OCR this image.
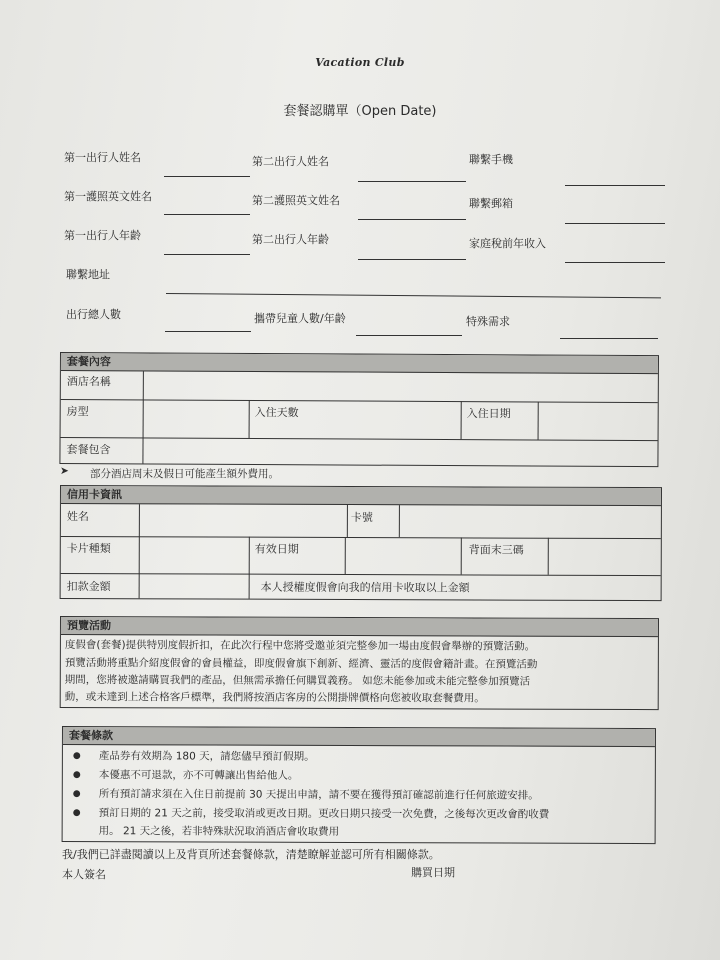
Vacation Club
套餐認購單（Open Date)
第一出行人姓名	第二出行人姓名	聯繫手機
第一護照英文姓名	第二護照英文姓名	聯繫郵箱
第一出行人年齡	第二出行人年齡	家庭稅前年收入
聯繫地址
出行總人數	攜帶兒童人數/年齡	特殊需求
套餐內容
酒店名稱
房型	入住天數	入住日期
套餐包含
➤ 部分酒店周末及假日可能產生額外費用。
信用卡資訊
姓名	卡號
卡片種類	有效日期	背面末三碼
扣款金額	本人授權度假會向我的信用卡收取以上金額
預覽活動
度假會(套餐)提供特別度假折扣，在此次行程中您將受邀並須完整參加一場由度假會舉辦的預覽活動。
預覽活動將重點介紹度假會的會員權益，即度假會旗下創新、經濟、靈活的度假會籍計畫。在預覽活動
期間，您將被邀請購買我們的產品，但無需承擔任何購買義務。 如您未能參加或未能完整參加預覽活
動，或未達到上述合格客戶標準，我們將按酒店客房的公開掛牌價格向您被收取套餐費用。
套餐條款
● 產品券有效期為 180 天，請您儘早預訂假期。
● 本優惠不可退款，亦不可轉讓出售給他人。
● 所有預訂請求須在入住日前提前 30 天提出申請，請不要在獲得預訂確認前進行任何旅遊安排。
● 預訂日期的 21 天之前，接受取消或更改日期。更改日期只接受一次免費，之後每次更改會酌收費
用。 21 天之後，若非特殊狀況取消酒店會收取費用
我/我們已詳盡閱讀以上及背頁所述套餐條款，清楚瞭解並認可所有相關條款。
本人簽名	購買日期
